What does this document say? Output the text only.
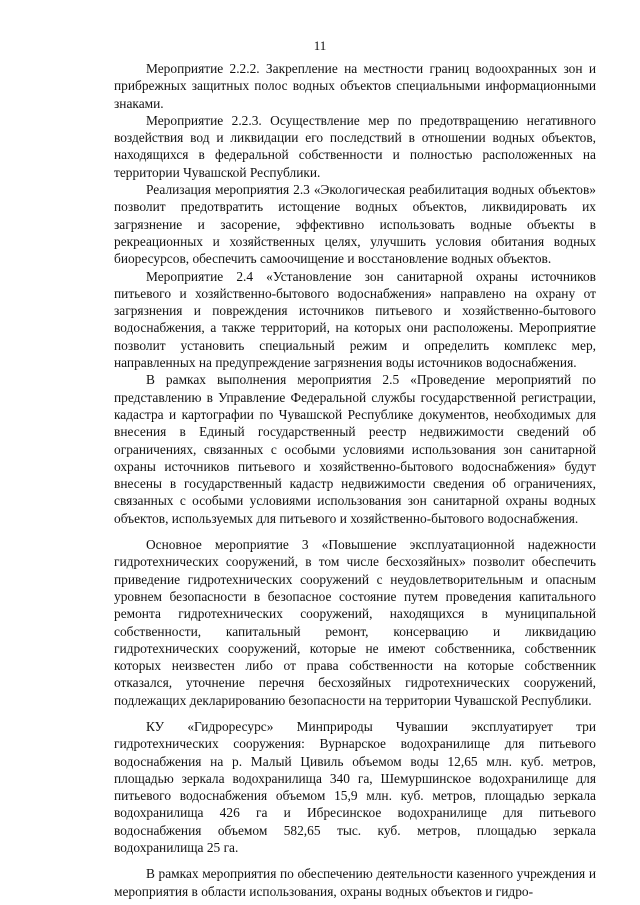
11

Мероприятие 2.2.2. Закрепление на местности границ водоохранных зон и прибрежных защитных полос водных объектов специальными информационными знаками.

Мероприятие 2.2.3. Осуществление мер по предотвращению негативного воздействия вод и ликвидации его последствий в отношении водных объектов, находящихся в федеральной собственности и полностью расположенных на территории Чувашской Республики.

Реализация мероприятия 2.3 «Экологическая реабилитация водных объектов» позволит предотвратить истощение водных объектов, ликвидировать их загрязнение и засорение, эффективно использовать водные объекты в рекреационных и хозяйственных целях, улучшить условия обитания водных биоресурсов, обеспечить самоочищение и восстановление водных объектов.

Мероприятие 2.4 «Установление зон санитарной охраны источников питьевого и хозяйственно-бытового водоснабжения» направлено на охрану от загрязнения и повреждения источников питьевого и хозяйственно-бытового водоснабжения, а также территорий, на которых они расположены. Мероприятие позволит установить специальный режим и определить комплекс мер, направленных на предупреждение загрязнения воды источников водоснабжения.

В рамках выполнения мероприятия 2.5 «Проведение мероприятий по представлению в Управление Федеральной службы государственной регистрации, кадастра и картографии по Чувашской Республике документов, необходимых для внесения в Единый государственный реестр недвижимости сведений об ограничениях, связанных с особыми условиями использования зон санитарной охраны источников питьевого и хозяйственно-бытового водоснабжения» будут внесены в государственный кадастр недвижимости сведения об ограничениях, связанных с особыми условиями использования зон санитарной охраны водных объектов, используемых для питьевого и хозяйственно-бытового водоснабжения.

Основное мероприятие 3 «Повышение эксплуатационной надежности гидротехнических сооружений, в том числе бесхозяйных» позволит обеспечить приведение гидротехнических сооружений с неудовлетворительным и опасным уровнем безопасности в безопасное состояние путем проведения капитального ремонта гидротехнических сооружений, находящихся в муниципальной собственности, капитальный ремонт, консервацию и ликвидацию гидротехнических сооружений, которые не имеют собственника, собственник которых неизвестен либо от права собственности на которые собственник отказался, уточнение перечня бесхозяйных гидротехнических сооружений, подлежащих декларированию безопасности на территории Чувашской Республики.

КУ «Гидроресурс» Минприроды Чувашии эксплуатирует три гидротехнических сооружения: Вурнарское водохранилище для питьевого водоснабжения на р. Малый Цивиль объемом воды 12,65 млн. куб. метров, площадью зеркала водохранилища 340 га, Шемуршинское водохранилище для питьевого водоснабжения объемом 15,9 млн. куб. метров, площадью зеркала водохранилища 426 га и Ибресинское водохранилище для питьевого водоснабжения объемом 582,65 тыс. куб. метров, площадью зеркала водохранилища 25 га.

В рамках мероприятия по обеспечению деятельности казенного учреждения и мероприятия в области использования, охраны водных объектов и гидро-
